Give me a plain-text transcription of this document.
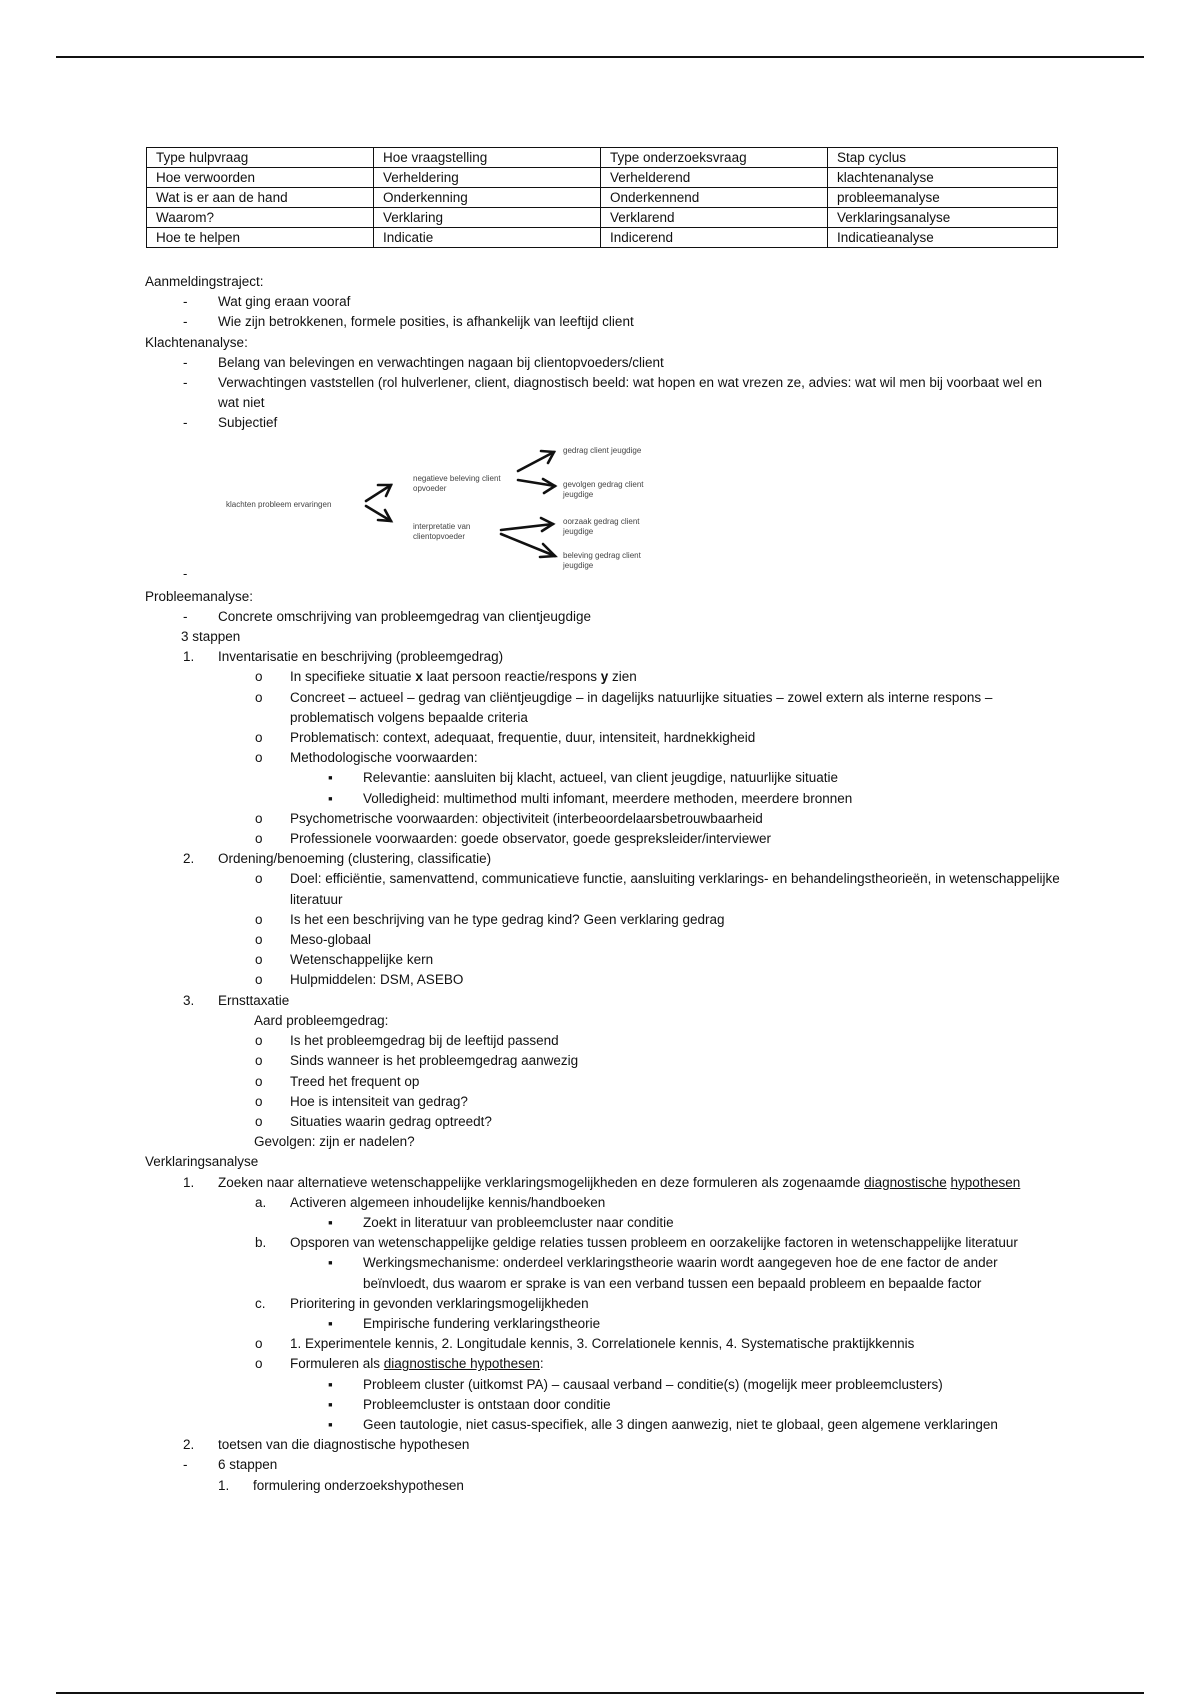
Type hulpvraag	Hoe vraagstelling	Type onderzoeksvraag	Stap cyclus
Hoe verwoorden	Verheldering	Verhelderend	klachtenanalyse
Wat is er aan de hand	Onderkenning	Onderkennend	probleemanalyse
Waarom?	Verklaring	Verklarend	Verklaringsanalyse
Hoe te helpen	Indicatie	Indicerend	Indicatieanalyse
Aanmeldingstraject:
- Wat ging eraan vooraf
- Wie zijn betrokkenen, formele posities, is afhankelijk van leeftijd client
Klachtenanalyse:
- Belang van belevingen en verwachtingen nagaan bij clientopvoeders/client
- Verwachtingen vaststellen (rol hulverlener, client, diagnostisch beeld: wat hopen en wat vrezen ze, advies: wat wil men bij voorbaat wel en wat niet
- Subjectief
klachten probleem ervaringen
negatieve beleving client opvoeder
interpretatie van clientopvoeder
gedrag client jeugdige
gevolgen gedrag client jeugdige
oorzaak gedrag client jeugdige
beleving gedrag client jeugdige
-
Probleemanalyse:
- Concrete omschrijving van probleemgedrag van clientjeugdige
3 stappen
1. Inventarisatie en beschrijving (probleemgedrag)
o In specifieke situatie x laat persoon reactie/respons y zien
o Concreet – actueel – gedrag van cliëntjeugdige – in dagelijks natuurlijke situaties – zowel extern als interne respons – problematisch volgens bepaalde criteria
o Problematisch: context, adequaat, frequentie, duur, intensiteit, hardnekkigheid
o Methodologische voorwaarden:
▪ Relevantie: aansluiten bij klacht, actueel, van client jeugdige, natuurlijke situatie
▪ Volledigheid: multimethod multi infomant, meerdere methoden, meerdere bronnen
o Psychometrische voorwaarden: objectiviteit (interbeoordelaarsbetrouwbaarheid
o Professionele voorwaarden: goede observator, goede gespreksleider/interviewer
2. Ordening/benoeming (clustering, classificatie)
o Doel: efficiëntie, samenvattend, communicatieve functie, aansluiting verklarings- en behandelingstheorieën, in wetenschappelijke literatuur
o Is het een beschrijving van he type gedrag kind? Geen verklaring gedrag
o Meso-globaal
o Wetenschappelijke kern
o Hulpmiddelen: DSM, ASEBO
3. Ernsttaxatie
Aard probleemgedrag:
o Is het probleemgedrag bij de leeftijd passend
o Sinds wanneer is het probleemgedrag aanwezig
o Treed het frequent op
o Hoe is intensiteit van gedrag?
o Situaties waarin gedrag optreedt?
Gevolgen: zijn er nadelen?
Verklaringsanalyse
1. Zoeken naar alternatieve wetenschappelijke verklaringsmogelijkheden en deze formuleren als zogenaamde diagnostische hypothesen
a. Activeren algemeen inhoudelijke kennis/handboeken
▪ Zoekt in literatuur van probleemcluster naar conditie
b. Opsporen van wetenschappelijke geldige relaties tussen probleem en oorzakelijke factoren in wetenschappelijke literatuur
▪ Werkingsmechanisme: onderdeel verklaringstheorie waarin wordt aangegeven hoe de ene factor de ander beïnvloedt, dus waarom er sprake is van een verband tussen een bepaald probleem en bepaalde factor
c. Prioritering in gevonden verklaringsmogelijkheden
▪ Empirische fundering verklaringstheorie
o 1. Experimentele kennis, 2. Longitudale kennis, 3. Correlationele kennis, 4. Systematische praktijkkennis
o Formuleren als diagnostische hypothesen:
▪ Probleem cluster (uitkomst PA) – causaal verband – conditie(s) (mogelijk meer probleemclusters)
▪ Probleemcluster is ontstaan door conditie
▪ Geen tautologie, niet casus-specifiek, alle 3 dingen aanwezig, niet te globaal, geen algemene verklaringen
2. toetsen van die diagnostische hypothesen
- 6 stappen
1. formulering onderzoekshypothesen
